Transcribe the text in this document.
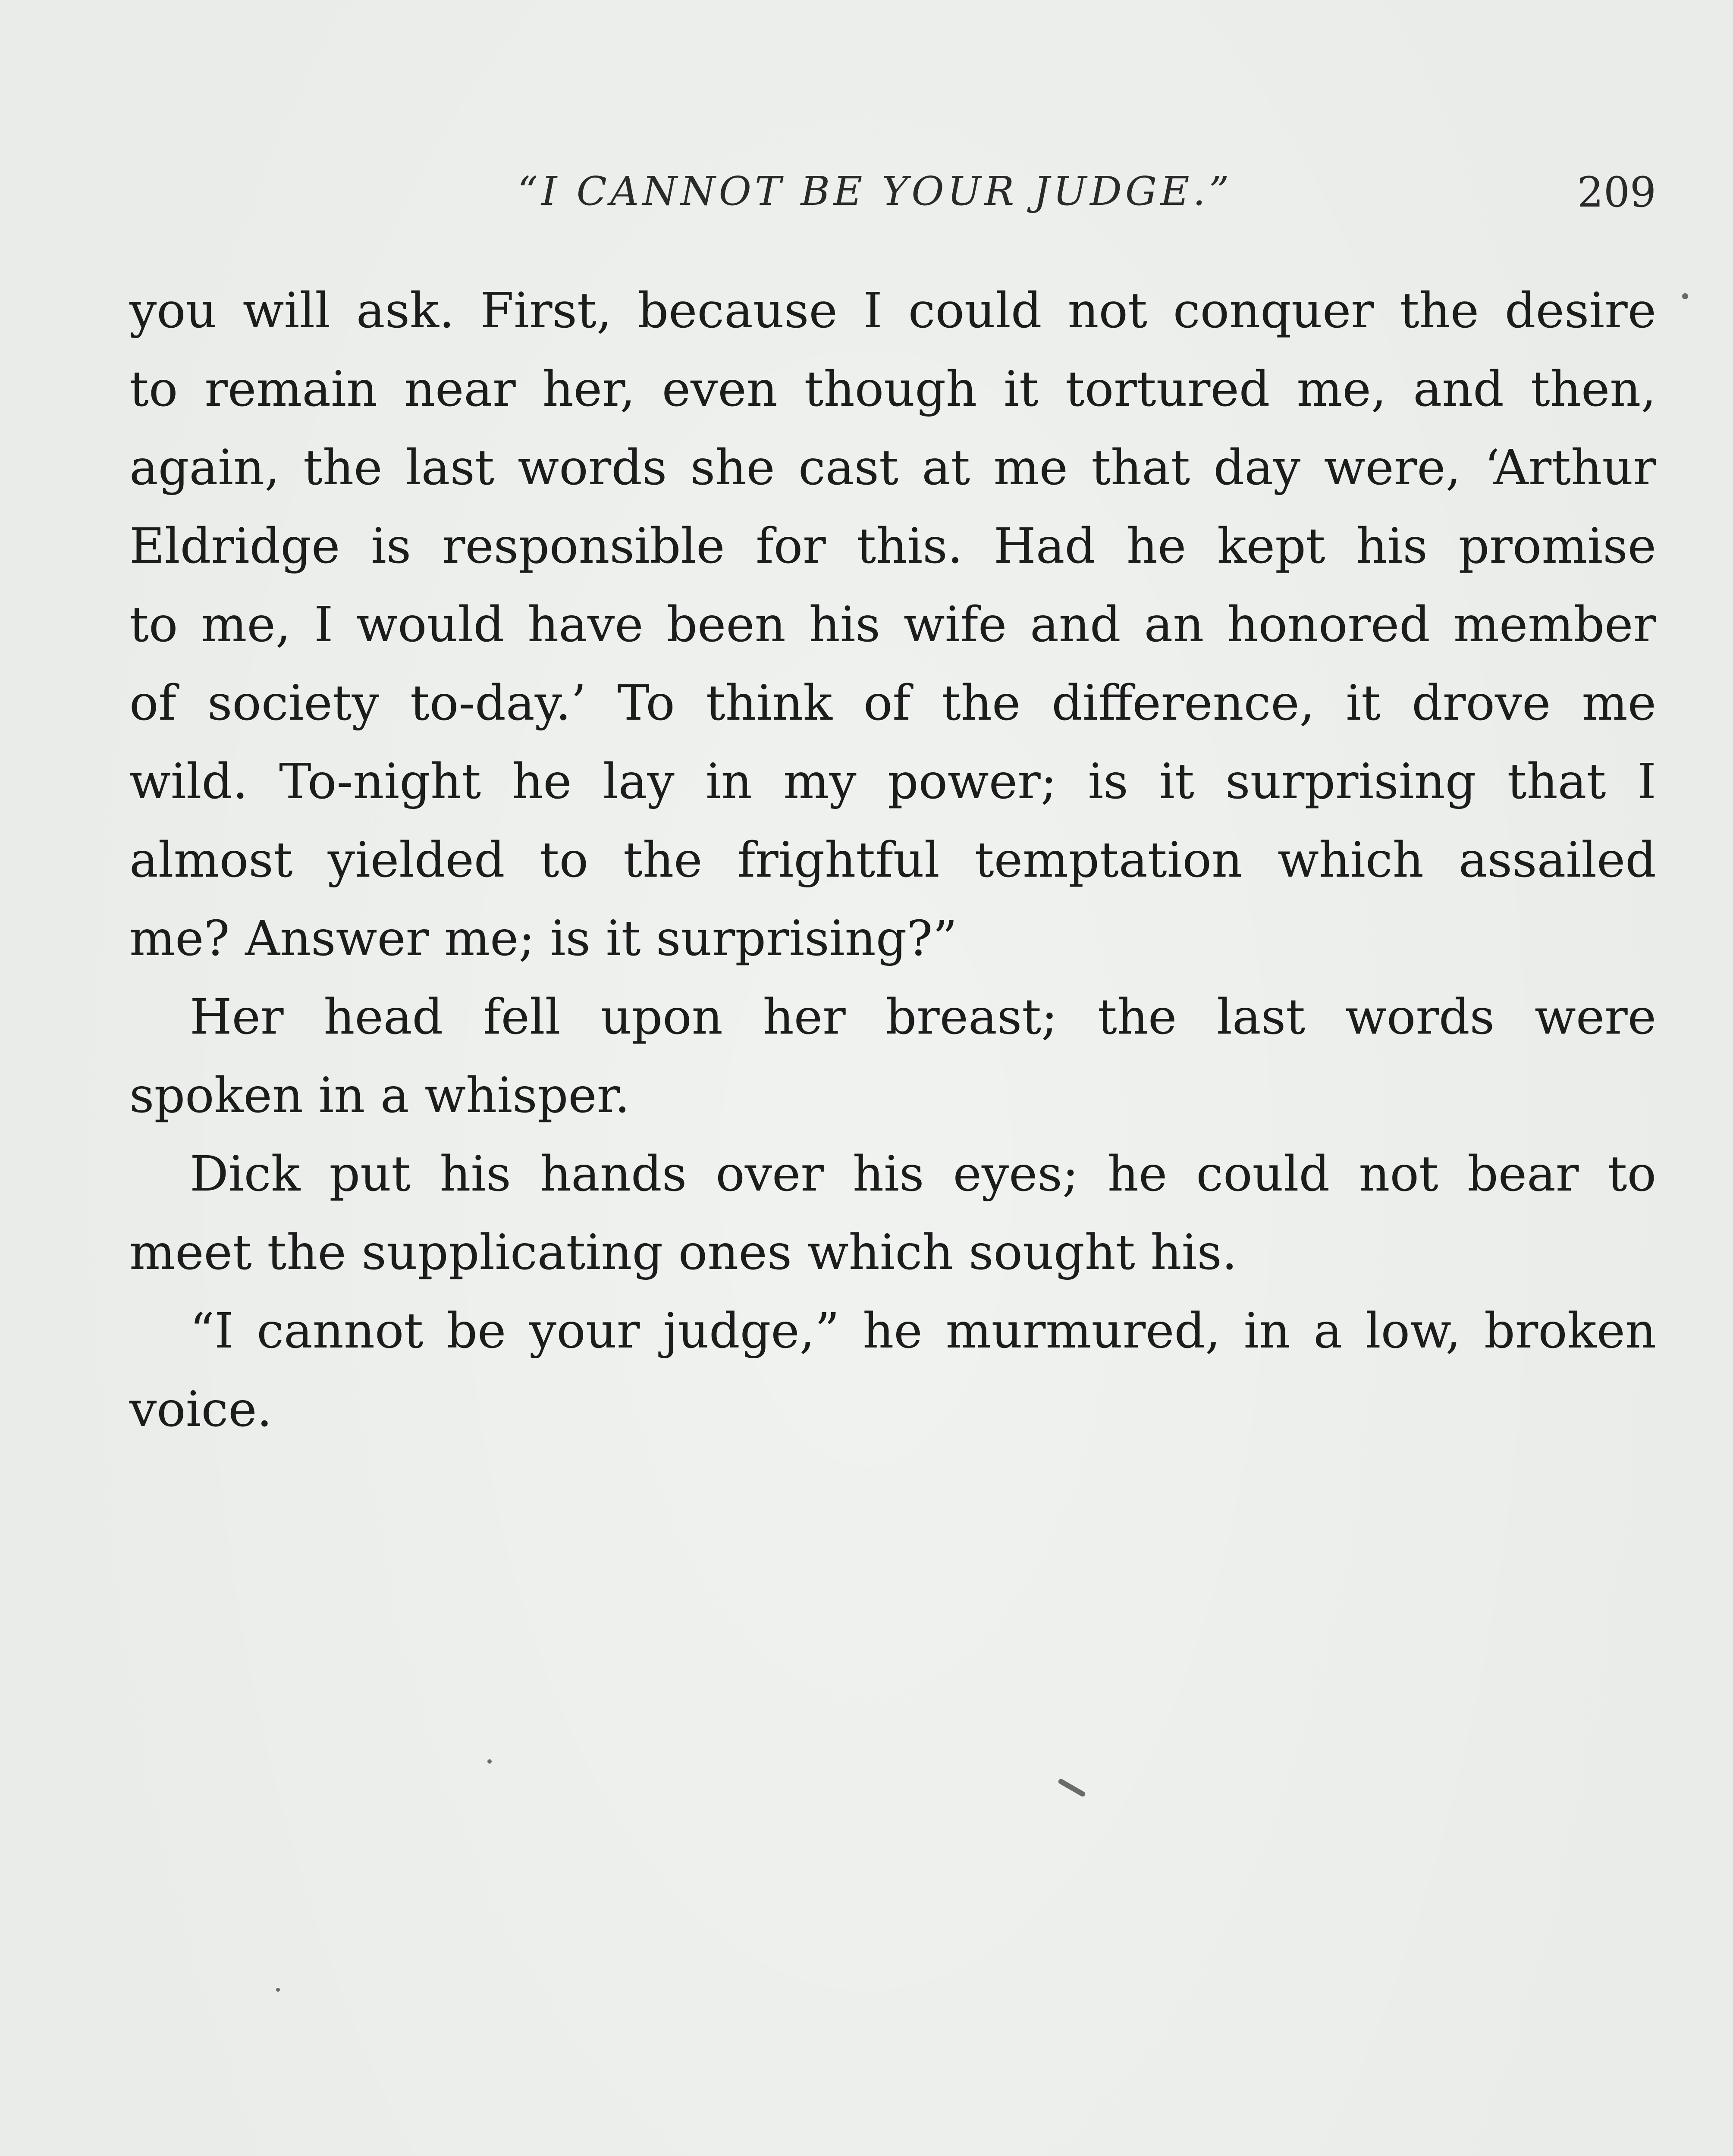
“I CANNOT BE YOUR JUDGE.”	209
you will ask. First, because I could not conquer the desire
to remain near her, even though it tortured me, and then,
again, the last words she cast at me that day were, ‘Arthur
Eldridge is responsible for this. Had he kept his promise
to me, I would have been his wife and an honored member
of society to-day.’ To think of the difference, it drove me
wild. To-night he lay in my power; is it surprising that I
almost yielded to the frightful temptation which assailed
me? Answer me; is it surprising?”
Her head fell upon her breast; the last words were
spoken in a whisper.
Dick put his hands over his eyes; he could not bear to
meet the supplicating ones which sought his.
“I cannot be your judge,” he murmured, in a low, broken
voice.
